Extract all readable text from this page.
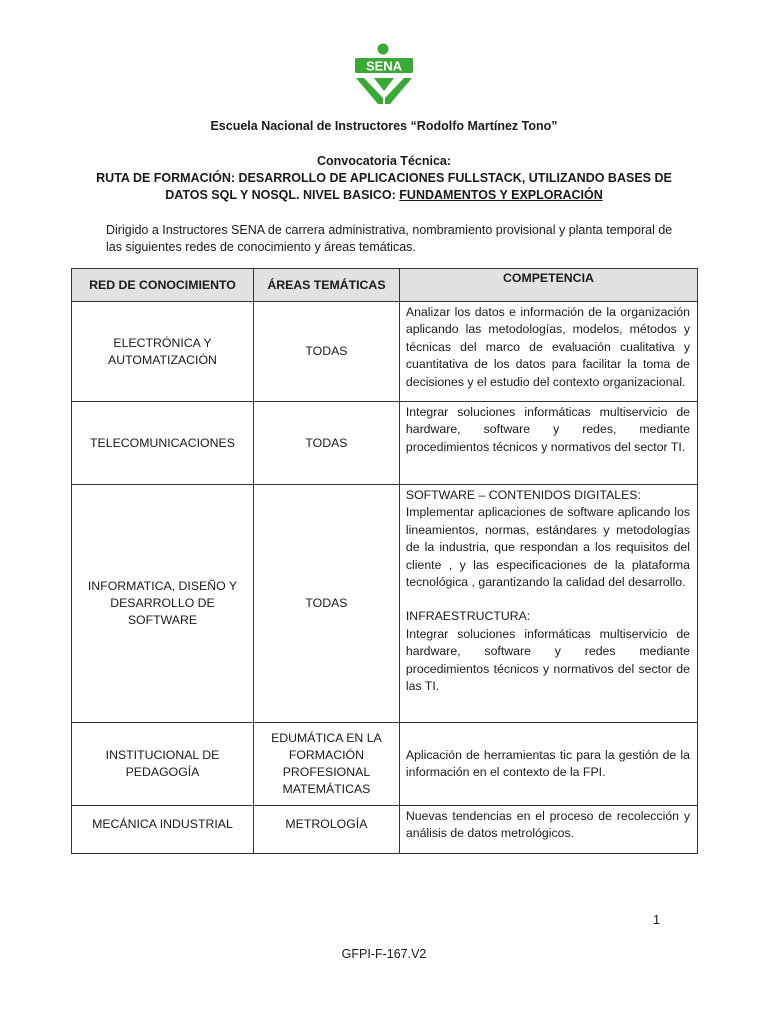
SENA
Escuela Nacional de Instructores “Rodolfo Martínez Tono”
Convocatoria Técnica:
RUTA DE FORMACIÓN: DESARROLLO DE APLICACIONES FULLSTACK, UTILIZANDO BASES DE
DATOS SQL Y NOSQL. NIVEL BASICO: FUNDAMENTOS Y EXPLORACIÓN
Dirigido a Instructores SENA de carrera administrativa, nombramiento provisional y planta temporal de las siguientes redes de conocimiento y áreas temáticas.
RED DE CONOCIMIENTO	ÁREAS TEMÁTICAS	COMPETENCIA

ELECTRÓNICA Y AUTOMATIZACIÓN	TODAS	Analizar los datos e información de la organización aplicando las metodologías, modelos, métodos y técnicas del marco de evaluación cualitativa y cuantitativa de los datos para facilitar la toma de decisiones y el estudio del contexto organizacional.
TELECOMUNICACIONES	TODAS	Integrar soluciones informáticas multiservicio de hardware, software y redes, mediante procedimientos técnicos y normativos del sector TI.

INFORMATICA, DISEÑO Y DESARROLLO DE SOFTWARE	TODAS	SOFTWARE – CONTENIDOS DIGITALES:
Implementar aplicaciones de software aplicando los lineamientos, normas, estándares y metodologías de la industria, que respondan a los requisitos del cliente , y las especificaciones de la plataforma tecnológica , garantizando la calidad del desarrollo.
INFRAESTRUCTURA:
Integrar soluciones informáticas multiservicio de hardware, software y redes mediante procedimientos técnicos y normativos del sector de las TI.

INSTITUCIONAL DE PEDAGOGÍA	EDUMÁTICA EN LA FORMACIÓN PROFESIONAL MATEMÁTICAS	Aplicación de herramientas tic para la gestión de la información en el contexto de la FPI.
MECÁNICA INDUSTRIAL	METROLOGÍA	Nuevas tendencias en el proceso de recolección y análisis de datos metrológicos.
1
GFPI-F-167.V2
